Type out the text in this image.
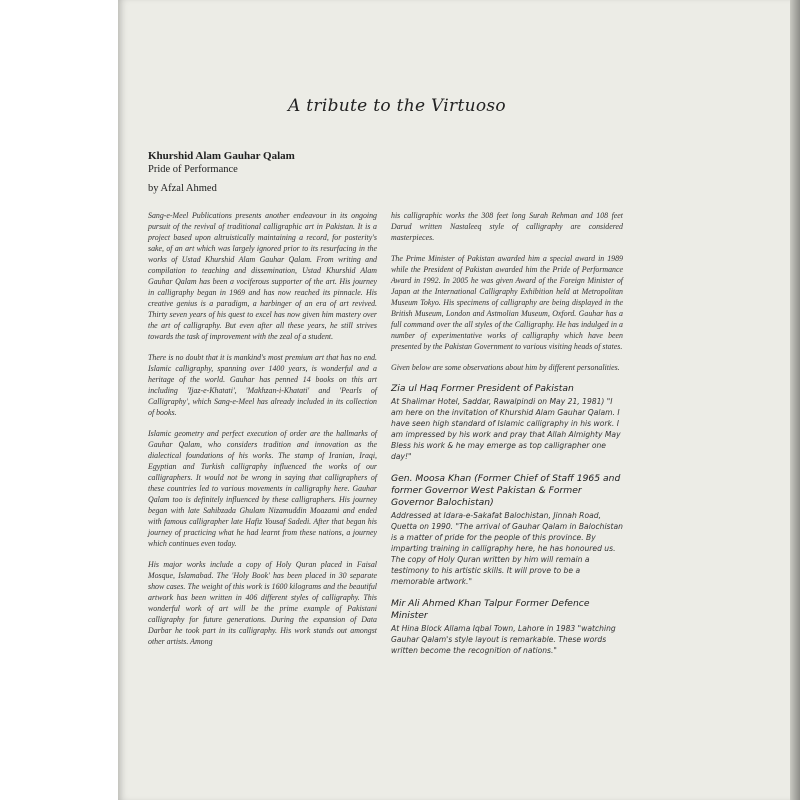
A tribute to the Virtuoso
Khurshid Alam Gauhar Qalam
Pride of Performance
by Afzal Ahmed

Sang-e-Meel Publications presents another endeavour in its ongoing pursuit of the revival of traditional calligraphic art in Pakistan. It is a project based upon altruistically maintaining a record, for posterity's sake, of an art which was largely ignored prior to its resurfacing in the works of Ustad Khurshid Alam Gauhar Qalam. From writing and compilation to teaching and dissemination, Ustad Khurshid Alam Gauhar Qalam has been a vociferous supporter of the art. His journey in calligraphy began in 1969 and has now reached its pinnacle. His creative genius is a paradigm, a harbinger of an era of art revived. Thirty seven years of his quest to excel has now given him mastery over the art of calligraphy. But even after all these years, he still strives towards the task of improvement with the zeal of a student.

There is no doubt that it is mankind's most premium art that has no end. Islamic calligraphy, spanning over 1400 years, is wonderful and a heritage of the world. Gauhar has penned 14 books on this art including 'Ijaz-e-Khatati', 'Makhzan-i-Khatati' and 'Pearls of Calligraphy', which Sang-e-Meel has already included in its collection of books.

Islamic geometry and perfect execution of order are the hallmarks of Gauhar Qalam, who considers tradition and innovation as the dialectical foundations of his works. The stamp of Iranian, Iraqi, Egyptian and Turkish calligraphy influenced the works of our calligraphers. It would not be wrong in saying that calligraphers of these countries led to various movements in calligraphy here. Gauhar Qalam too is definitely influenced by these calligraphers. His journey began with late Sahibzada Ghulam Nizamuddin Moazami and ended with famous calligrapher late Hafiz Yousaf Sadedi. After that began his journey of practicing what he had learnt from these nations, a journey which continues even today.

His major works include a copy of Holy Quran placed in Faisal Mosque, Islamabad. The 'Holy Book' has been placed in 30 separate show cases. The weight of this work is 1600 kilograms and the beautiful artwork has been written in 406 different styles of calligraphy. This wonderful work of art will be the prime example of Pakistani calligraphy for future generations. During the expansion of Data Darbar he took part in its calligraphy. His work stands out amongst other artists. Among

his calligraphic works the 308 feet long Surah Rehman and 108 feet Darud written Nastaleeq style of calligraphy are considered masterpieces.

The Prime Minister of Pakistan awarded him a special award in 1989 while the President of Pakistan awarded him the Pride of Performance Award in 1992. In 2005 he was given Award of the Foreign Minister of Japan at the International Calligraphy Exhibition held at Metropolitan Museum Tokyo. His specimens of calligraphy are being displayed in the British Museum, London and Astmolian Museum, Oxford. Gauhar has a full command over the all styles of the Calligraphy. He has indulged in a number of experimentative works of calligraphy which have been presented by the Pakistan Government to various visiting heads of states.

Given below are some observations about him by different personalities.

Zia ul Haq Former President of Pakistan

At Shalimar Hotel, Saddar, Rawalpindi on May 21, 1981) "I am here on the invitation of Khurshid Alam Gauhar Qalam. I have seen high standard of Islamic calligraphy in his work. I am impressed by his work and pray that Allah Almighty May Bless his work & he may emerge as top calligrapher one day!"

Gen. Moosa Khan (Former Chief of Staff 1965 and former Governor West Pakistan & Former Governor Balochistan)

Addressed at Idara-e-Sakafat Balochistan, Jinnah Road, Quetta on 1990. "The arrival of Gauhar Qalam in Balochistan is a matter of pride for the people of this province. By imparting training in calligraphy here, he has honoured us. The copy of Holy Quran written by him will remain a testimony to his artistic skills. It will prove to be a memorable artwork."

Mir Ali Ahmed Khan Talpur Former Defence Minister

At Hina Block Allama Iqbal Town, Lahore in 1983 "watching Gauhar Qalam's style layout is remarkable. These words written become the recognition of nations."
